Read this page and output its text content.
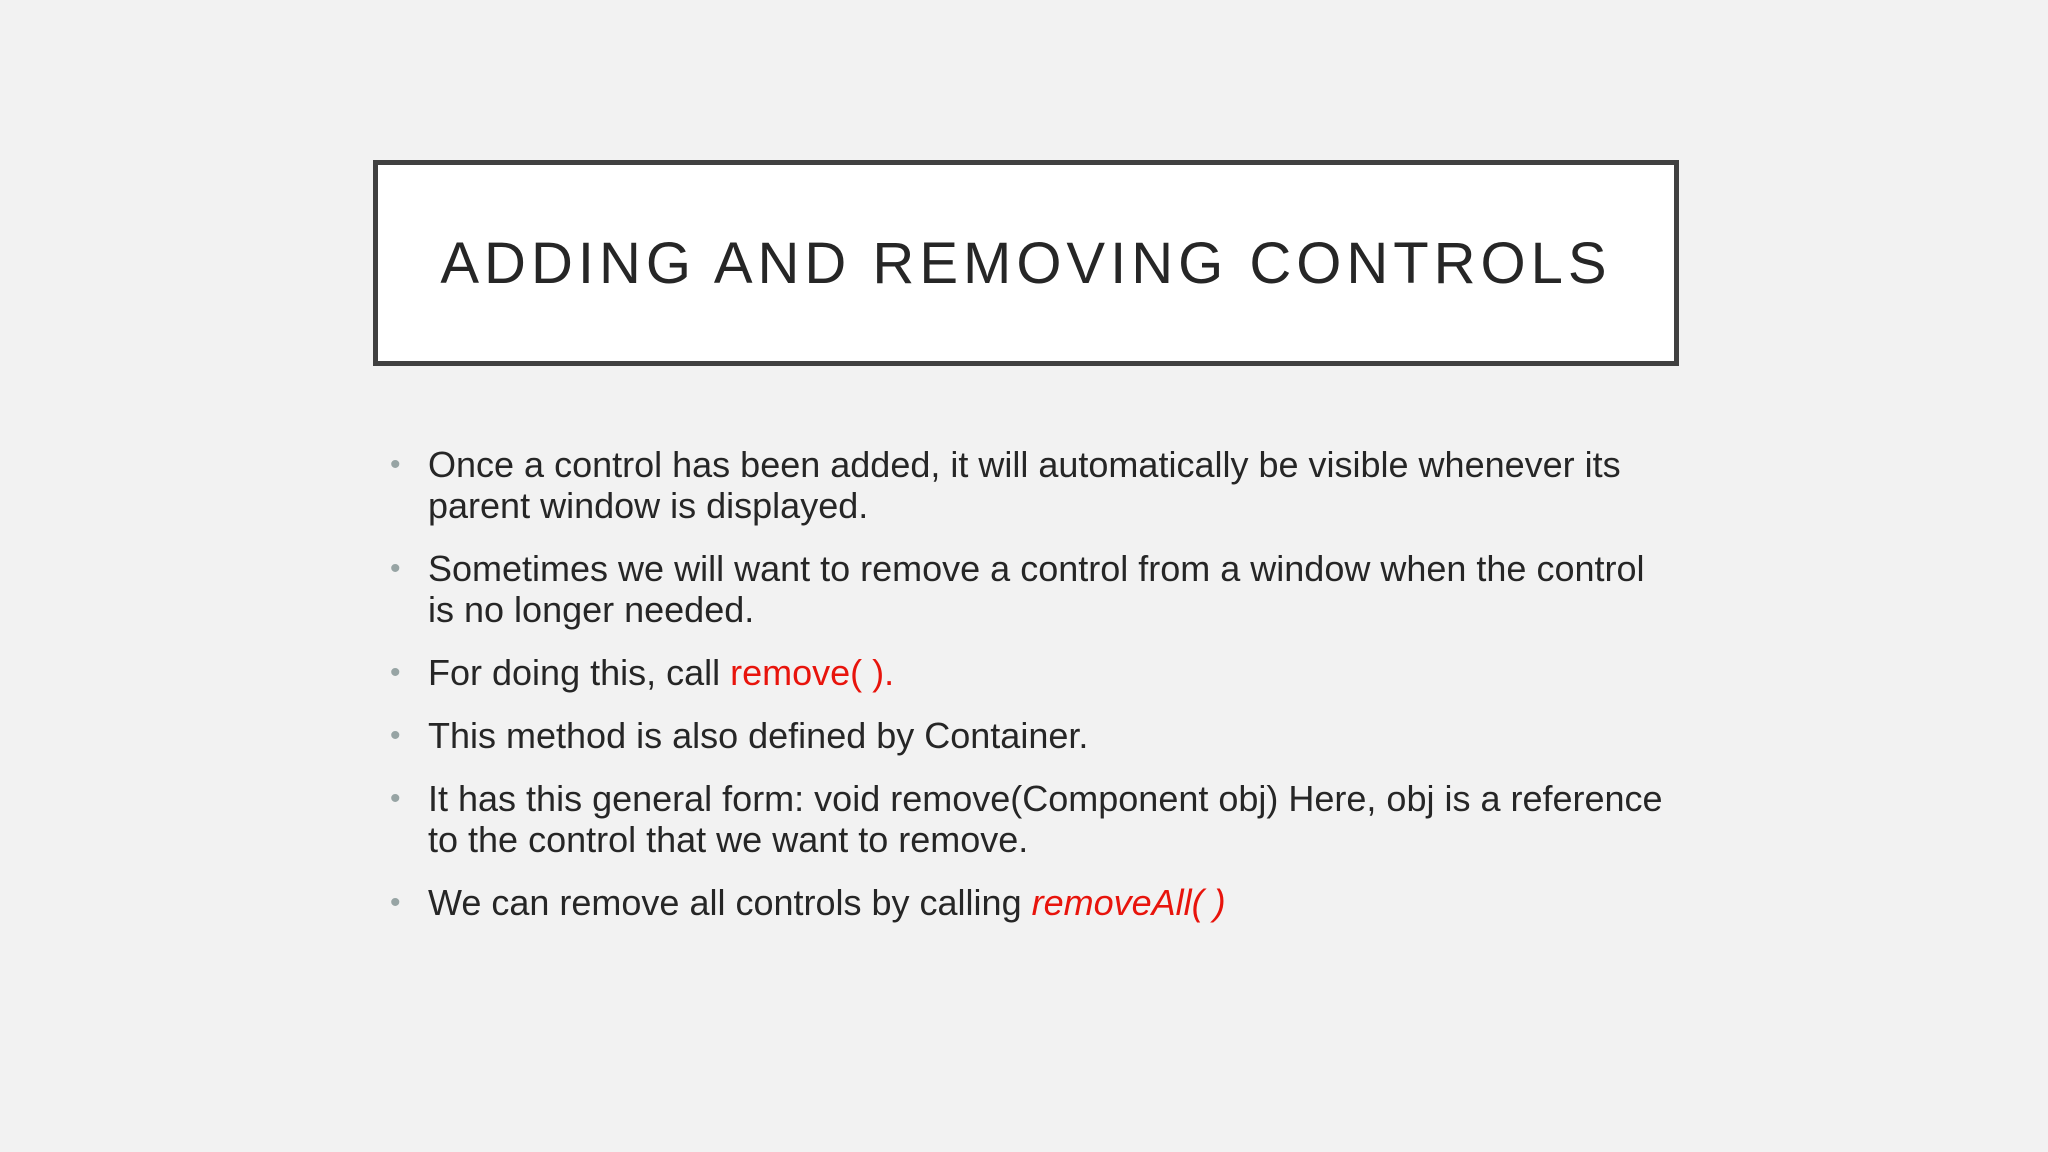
ADDING AND REMOVING CONTROLS
• Once a control has been added, it will automatically be visible whenever its parent window is displayed.
• Sometimes we will want to remove a control from a window when the control is no longer needed.
• For doing this, call remove( ).
• This method is also defined by Container.
• It has this general form: void remove(Component obj) Here, obj is a reference to the control that we want to remove.
• We can remove all controls by calling removeAll( )
